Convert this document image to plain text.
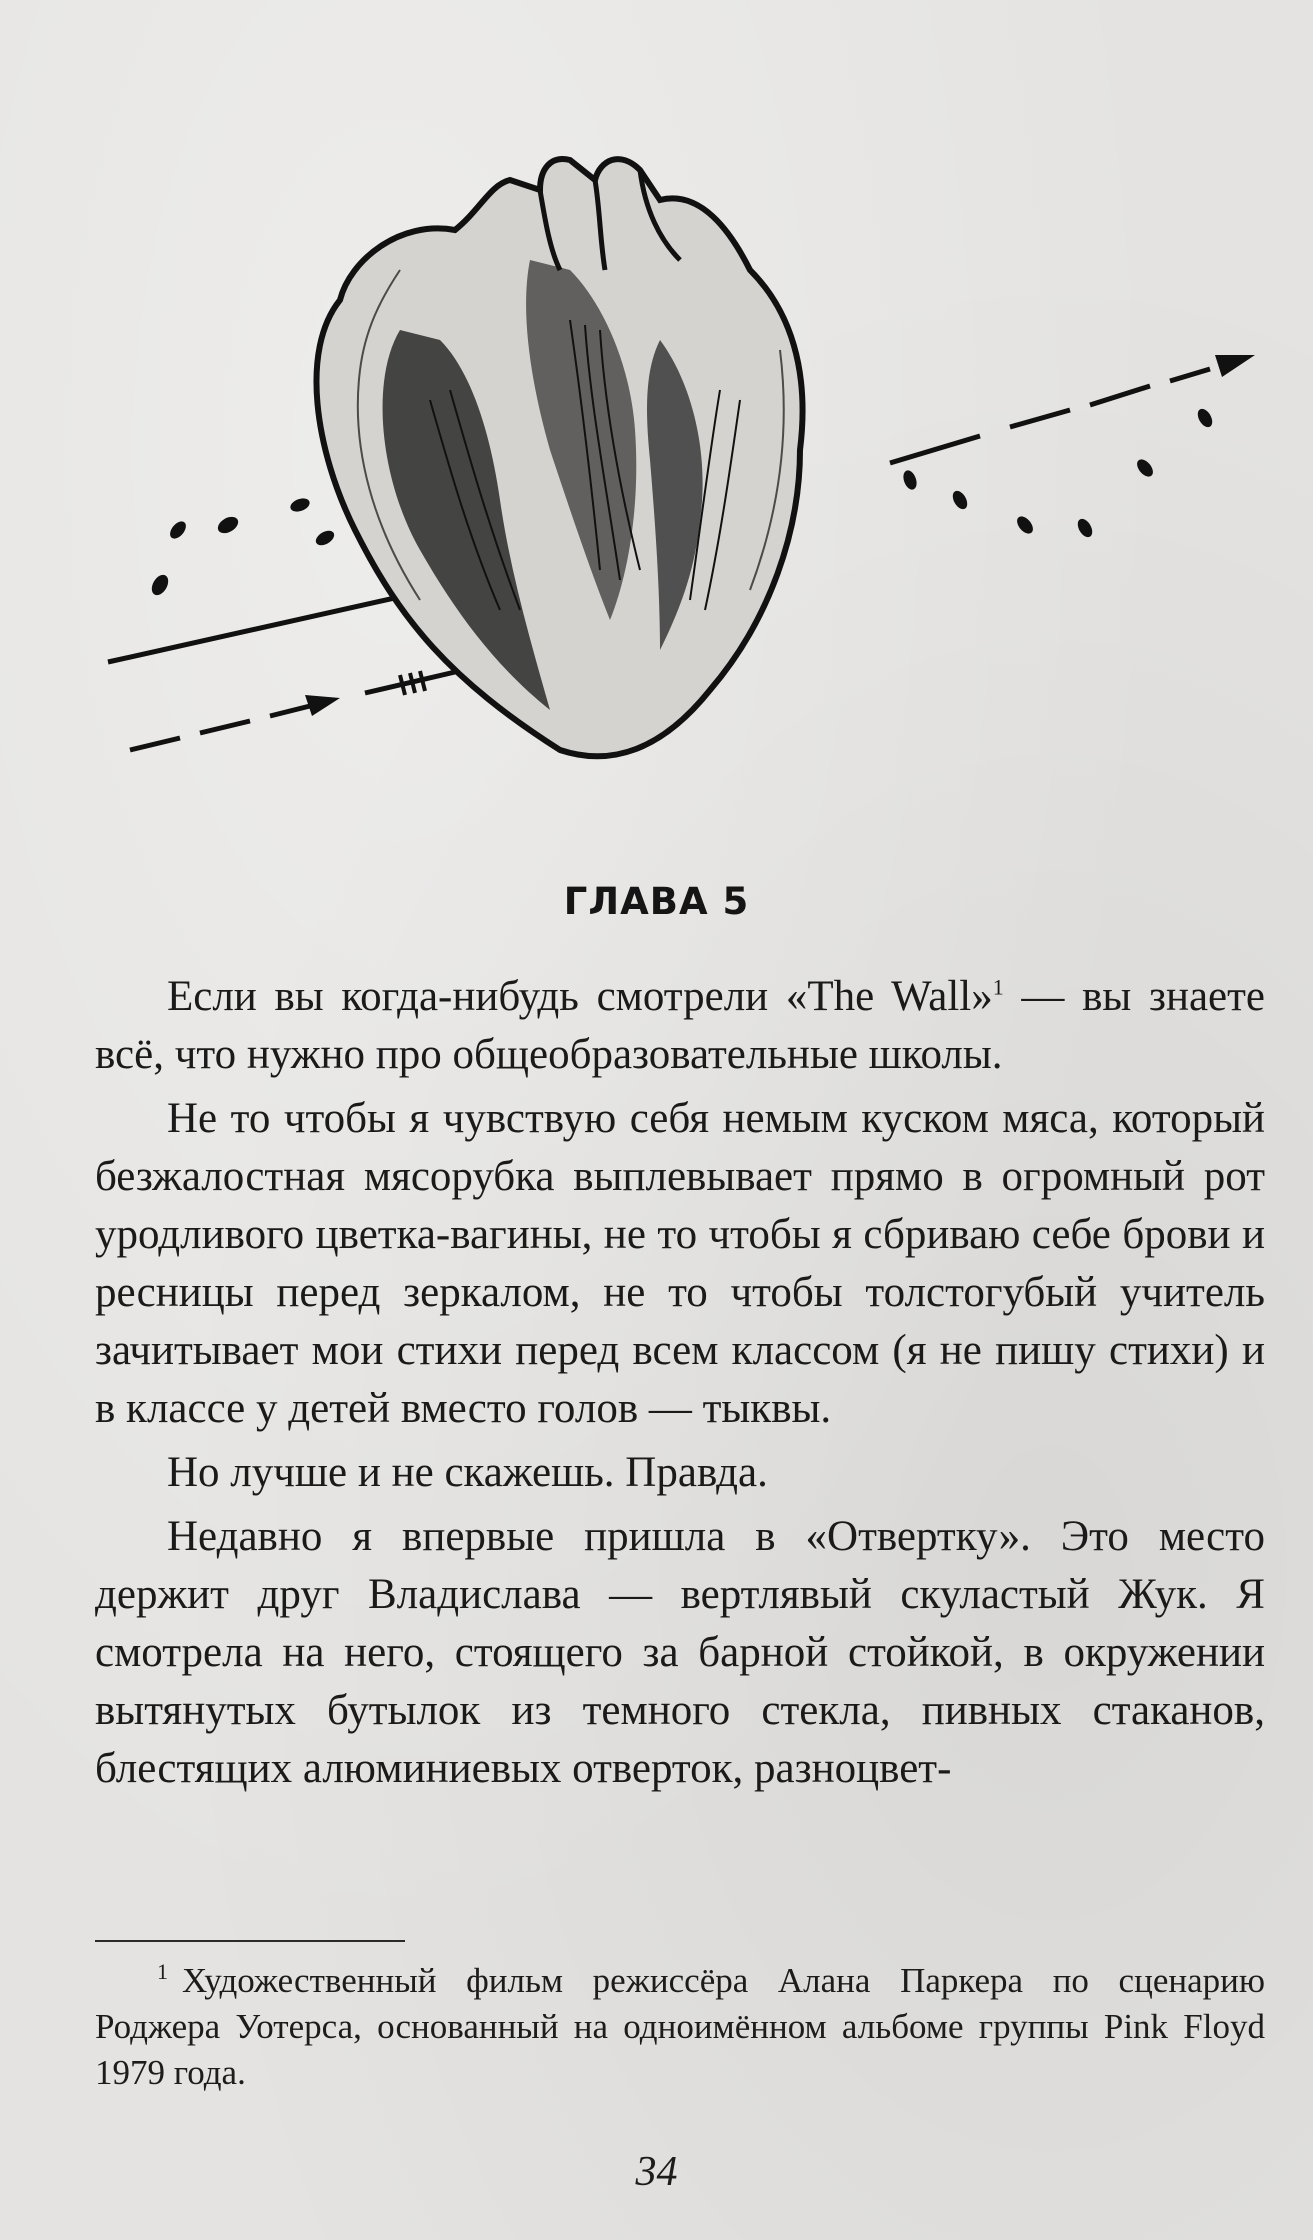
ГЛАВА 5

Если вы когда-нибудь смотрели «The Wall»$^1$ — вы знаете всё, что нужно про общеобразовательные школы.

Не то чтобы я чувствую себя немым куском мяса, который безжалостная мясорубка выплевывает прямо в огромный рот уродливого цветка-вагины, не то чтобы я сбриваю себе брови и ресницы перед зеркалом, не то чтобы толстогубый учитель зачитывает мои стихи перед всем классом (я не пишу стихи) и в классе у детей вместо голов — тыквы.

Но лучше и не скажешь. Правда.

Недавно я впервые пришла в «Отвертку». Это место держит друг Владислава — вертлявый скуластый Жук. Я смотрела на него, стоящего за барной стойкой, в окружении вытянутых бутылок из темного стекла, пивных стаканов, блестящих алюминиевых отверток, разноцвет-

1 Художественный фильм режиссёра Алана Паркера по сценарию Роджера Уотерса, основанный на одноимённом альбоме группы Pink Floyd 1979 года.
34
